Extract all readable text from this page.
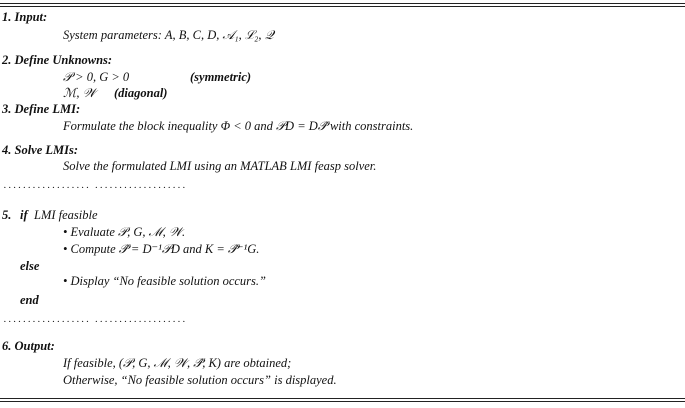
1. Input:
System parameters: A, B, C, D, 𝒜₁, ℒ₂, 𝒬
2. Define Unknowns:
𝒫 > 0, G > 0	(symmetric)
ℳ, 𝒲 (diagonal)
3. Define LMI:
Formulate the block inequality Φ < 0 and 𝒫D = D𝒫̂ with constraints.
4. Solve LMIs:
Solve the formulated LMI using an MATLAB LMI feasp solver.
·················· ···················
5. if LMI feasible
• Evaluate 𝒫, G, ℳ, 𝒲.
• Compute 𝒫̂ = D⁻¹𝒫D and K = 𝒫̂⁻¹G.
else
• Display “No feasible solution occurs.”
end
·················· ···················
6. Output:
If feasible, (𝒫, G, ℳ, 𝒲, 𝒫̂, K) are obtained;
Otherwise, “No feasible solution occurs” is displayed.
